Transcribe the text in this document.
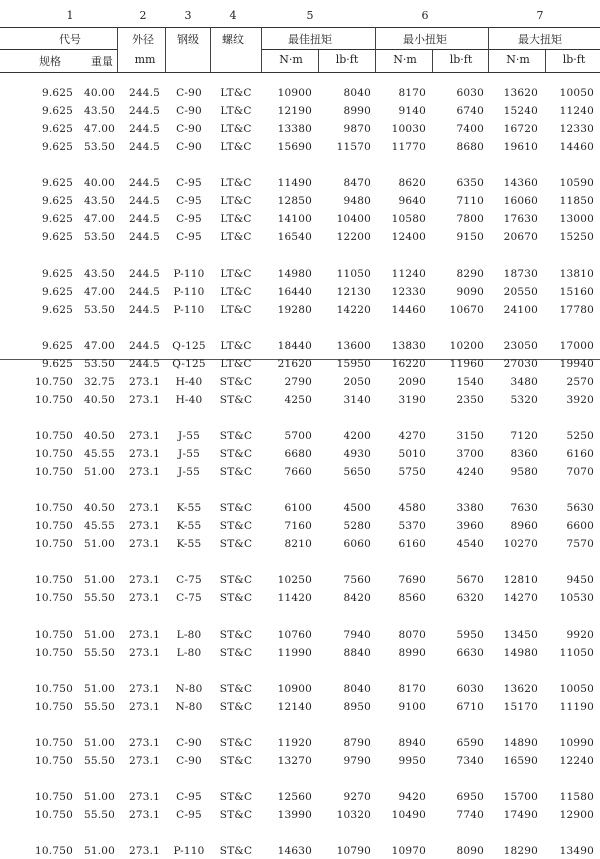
1	2	3	4	5	6	7
代号	外径	钢级	螺纹	最佳扭矩	最小扭矩	最大扭矩
规格	重量	mm	N·m	lb·ft	N·m	lb·ft	N·m	lb·ft
9.625	40.00	244.5	C-90	LT&C	10900	8040	8170	6030	13620	10050
9.625	43.50	244.5	C-90	LT&C	12190	8990	9140	6740	15240	11240
9.625	47.00	244.5	C-90	LT&C	13380	9870	10030	7400	16720	12330
9.625	53.50	244.5	C-90	LT&C	15690	11570	11770	8680	19610	14460
9.625	40.00	244.5	C-95	LT&C	11490	8470	8620	6350	14360	10590
9.625	43.50	244.5	C-95	LT&C	12850	9480	9640	7110	16060	11850
9.625	47.00	244.5	C-95	LT&C	14100	10400	10580	7800	17630	13000
9.625	53.50	244.5	C-95	LT&C	16540	12200	12400	9150	20670	15250
9.625	43.50	244.5	P-110	LT&C	14980	11050	11240	8290	18730	13810
9.625	47.00	244.5	P-110	LT&C	16440	12130	12330	9090	20550	15160
9.625	53.50	244.5	P-110	LT&C	19280	14220	14460	10670	24100	17780
9.625	47.00	244.5	Q-125	LT&C	18440	13600	13830	10200	23050	17000
9.625	53.50	244.5	Q-125	LT&C	21620	15950	16220	11960	27030	19940
10.750	32.75	273.1	H-40	ST&C	2790	2050	2090	1540	3480	2570
10.750	40.50	273.1	H-40	ST&C	4250	3140	3190	2350	5320	3920
10.750	40.50	273.1	J-55	ST&C	5700	4200	4270	3150	7120	5250
10.750	45.55	273.1	J-55	ST&C	6680	4930	5010	3700	8360	6160
10.750	51.00	273.1	J-55	ST&C	7660	5650	5750	4240	9580	7070
10.750	40.50	273.1	K-55	ST&C	6100	4500	4580	3380	7630	5630
10.750	45.55	273.1	K-55	ST&C	7160	5280	5370	3960	8960	6600
10.750	51.00	273.1	K-55	ST&C	8210	6060	6160	4540	10270	7570
10.750	51.00	273.1	C-75	ST&C	10250	7560	7690	5670	12810	9450
10.750	55.50	273.1	C-75	ST&C	11420	8420	8560	6320	14270	10530
10.750	51.00	273.1	L-80	ST&C	10760	7940	8070	5950	13450	9920
10.750	55.50	273.1	L-80	ST&C	11990	8840	8990	6630	14980	11050
10.750	51.00	273.1	N-80	ST&C	10900	8040	8170	6030	13620	10050
10.750	55.50	273.1	N-80	ST&C	12140	8950	9100	6710	15170	11190
10.750	51.00	273.1	C-90	ST&C	11920	8790	8940	6590	14890	10990
10.750	55.50	273.1	C-90	ST&C	13270	9790	9950	7340	16590	12240
10.750	51.00	273.1	C-95	ST&C	12560	9270	9420	6950	15700	11580
10.750	55.50	273.1	C-95	ST&C	13990	10320	10490	7740	17490	12900
10.750	51.00	273.1	P-110	ST&C	14630	10790	10970	8090	18290	13490
